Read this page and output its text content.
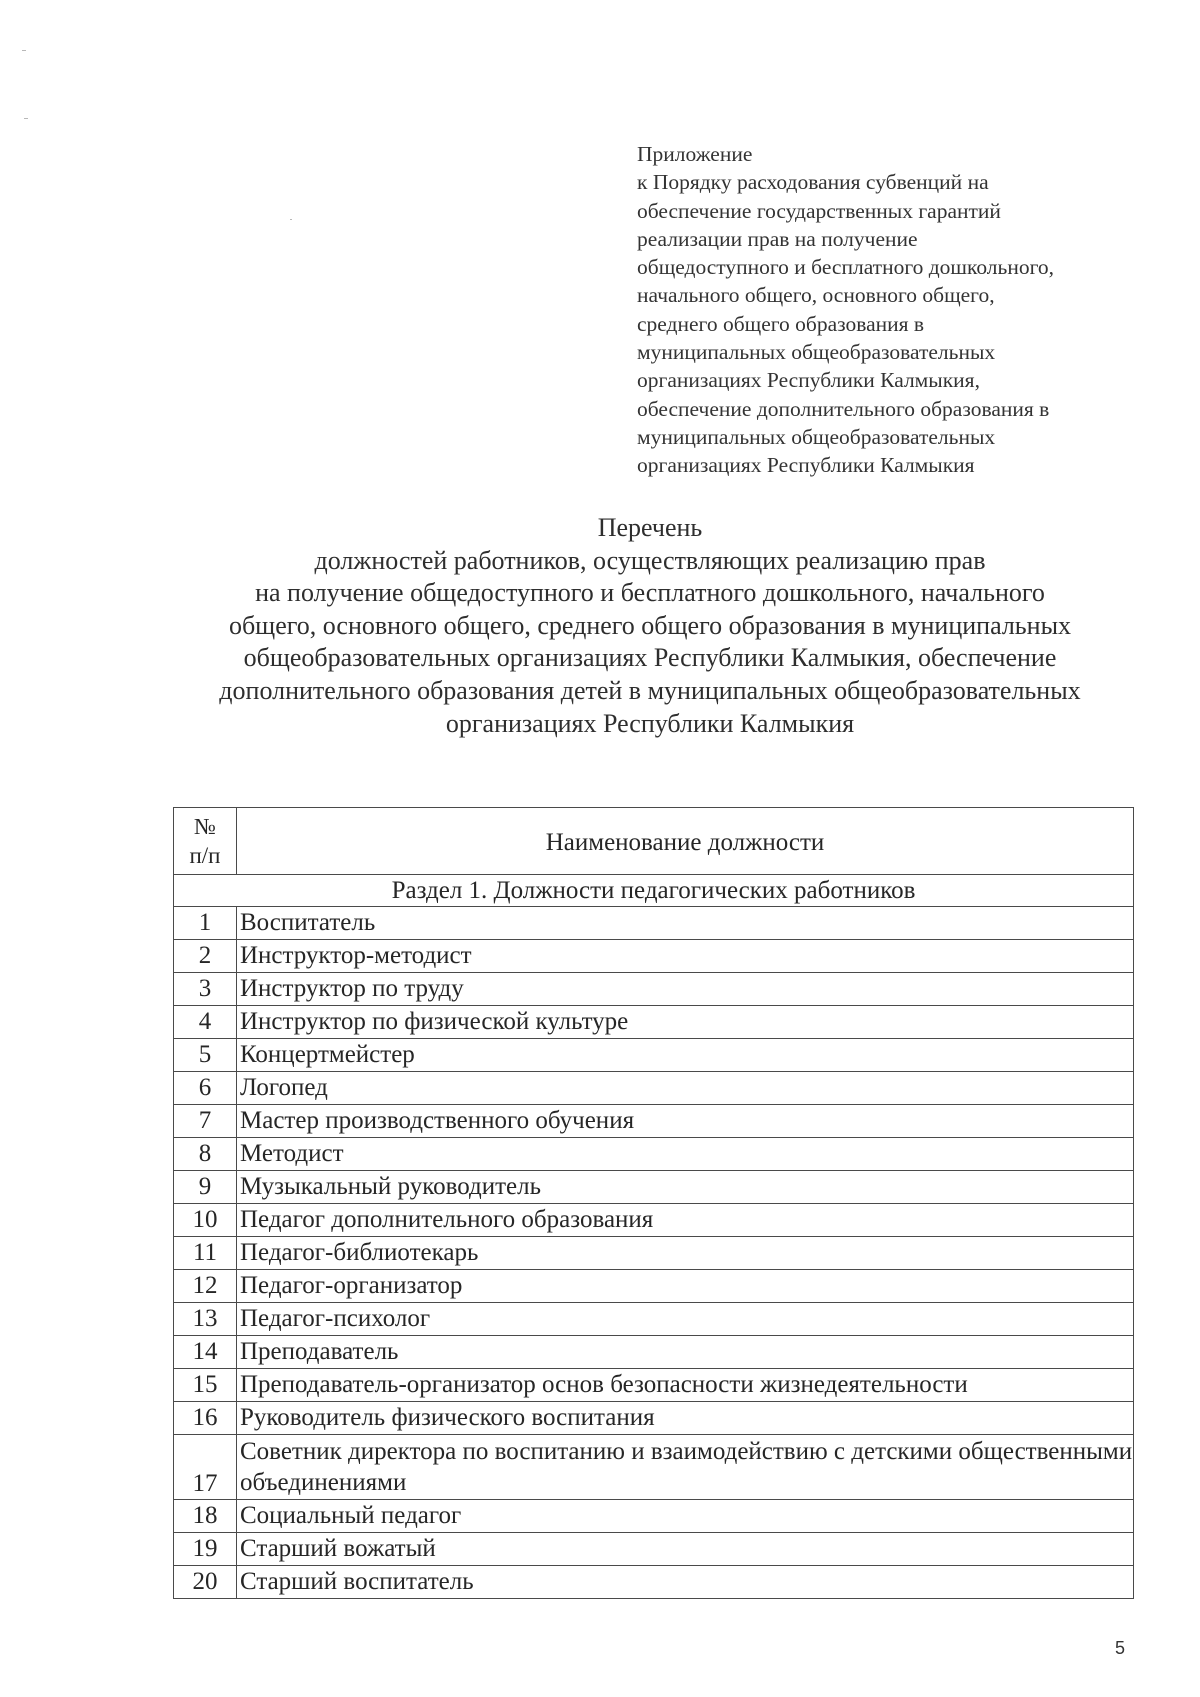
Приложение
к Порядку расходования субвенций на
обеспечение государственных гарантий
реализации прав на получение
общедоступного и бесплатного дошкольного,
начального общего, основного общего,
среднего общего образования в
муниципальных общеобразовательных
организациях Республики Калмыкия,
обеспечение дополнительного образования в
муниципальных общеобразовательных
организациях Республики Калмыкия
Перечень
должностей работников, осуществляющих реализацию прав
на получение общедоступного и бесплатного дошкольного, начального
общего, основного общего, среднего общего образования в муниципальных
общеобразовательных организациях Республики Калмыкия, обеспечение
дополнительного образования детей в муниципальных общеобразовательных
организациях Республики Калмыкия
№
п/п	Наименование должности
Раздел 1. Должности педагогических работников	
1	Воспитатель
2	Инструктор-методист
3	Инструктор по труду
4	Инструктор по физической культуре
5	Концертмейстер
6	Логопед
7	Мастер производственного обучения
8	Методист
9	Музыкальный руководитель
10	Педагог дополнительного образования
11	Педагог-библиотекарь
12	Педагог-организатор
13	Педагог-психолог
14	Преподаватель
15	Преподаватель-организатор основ безопасности жизнедеятельности
16	Руководитель физического воспитания
17	Советник директора по воспитанию и взаимодействию с детскими общественными объединениями
18	Социальный педагог
19	Старший вожатый
20	Старший воспитатель
5
